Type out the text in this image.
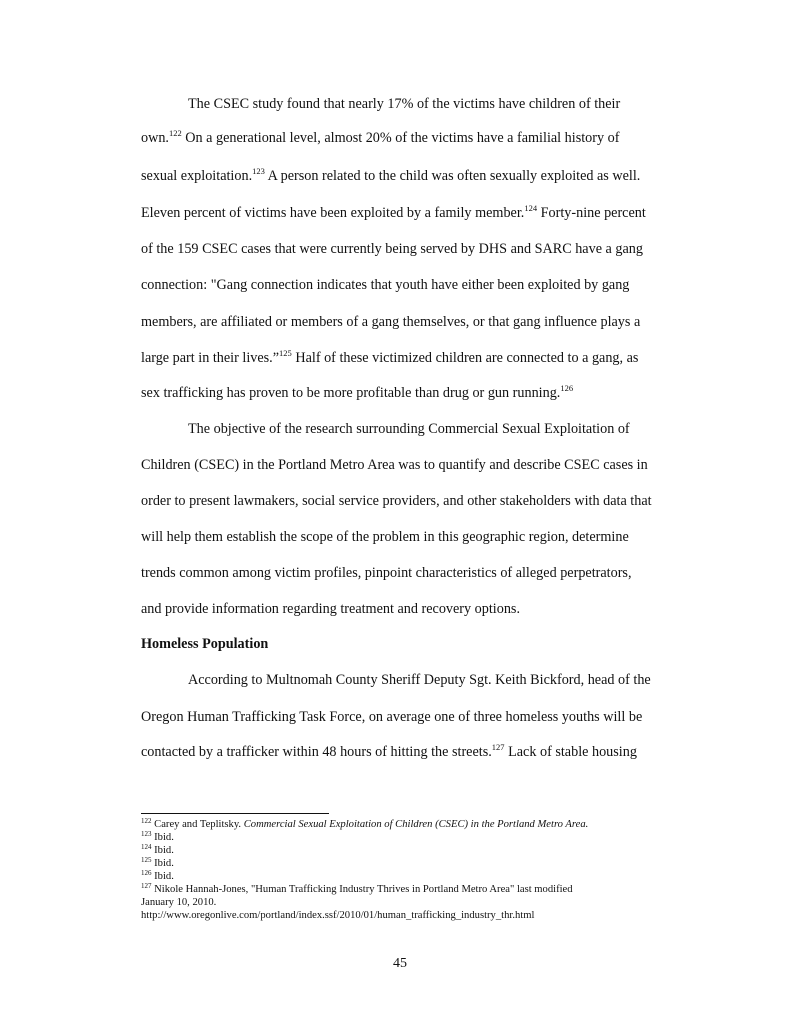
The CSEC study found that nearly 17% of the victims have children of their
own.$^{122}$ On a generational level, almost 20% of the victims have a familial history of
sexual exploitation.$^{123}$ A person related to the child was often sexually exploited as well.
Eleven percent of victims have been exploited by a family member.$^{124}$ Forty-nine percent
of the 159 CSEC cases that were currently being served by DHS and SARC have a gang
connection: "Gang connection indicates that youth have either been exploited by gang
members, are affiliated or members of a gang themselves, or that gang influence plays a
large part in their lives.”$^{125}$ Half of these victimized children are connected to a gang, as
sex trafficking has proven to be more profitable than drug or gun running.$^{126}$
The objective of the research surrounding Commercial Sexual Exploitation of
Children (CSEC) in the Portland Metro Area was to quantify and describe CSEC cases in
order to present lawmakers, social service providers, and other stakeholders with data that
will help them establish the scope of the problem in this geographic region, determine
trends common among victim profiles, pinpoint characteristics of alleged perpetrators,
and provide information regarding treatment and recovery options.
Homeless Population
According to Multnomah County Sheriff Deputy Sgt. Keith Bickford, head of the
Oregon Human Trafficking Task Force, on average one of three homeless youths will be
contacted by a trafficker within 48 hours of hitting the streets.$^{127}$ Lack of stable housing
$^{122}$ Carey and Teplitsky. Commercial Sexual Exploitation of Children (CSEC) in the Portland Metro Area.
$^{123}$ Ibid.
$^{124}$ Ibid.
$^{125}$ Ibid.
$^{126}$ Ibid.
$^{127}$ Nikole Hannah-Jones, "Human Trafficking Industry Thrives in Portland Metro Area" last modified
January 10, 2010.
http://www.oregonlive.com/portland/index.ssf/2010/01/human_trafficking_industry_thr.html
45
